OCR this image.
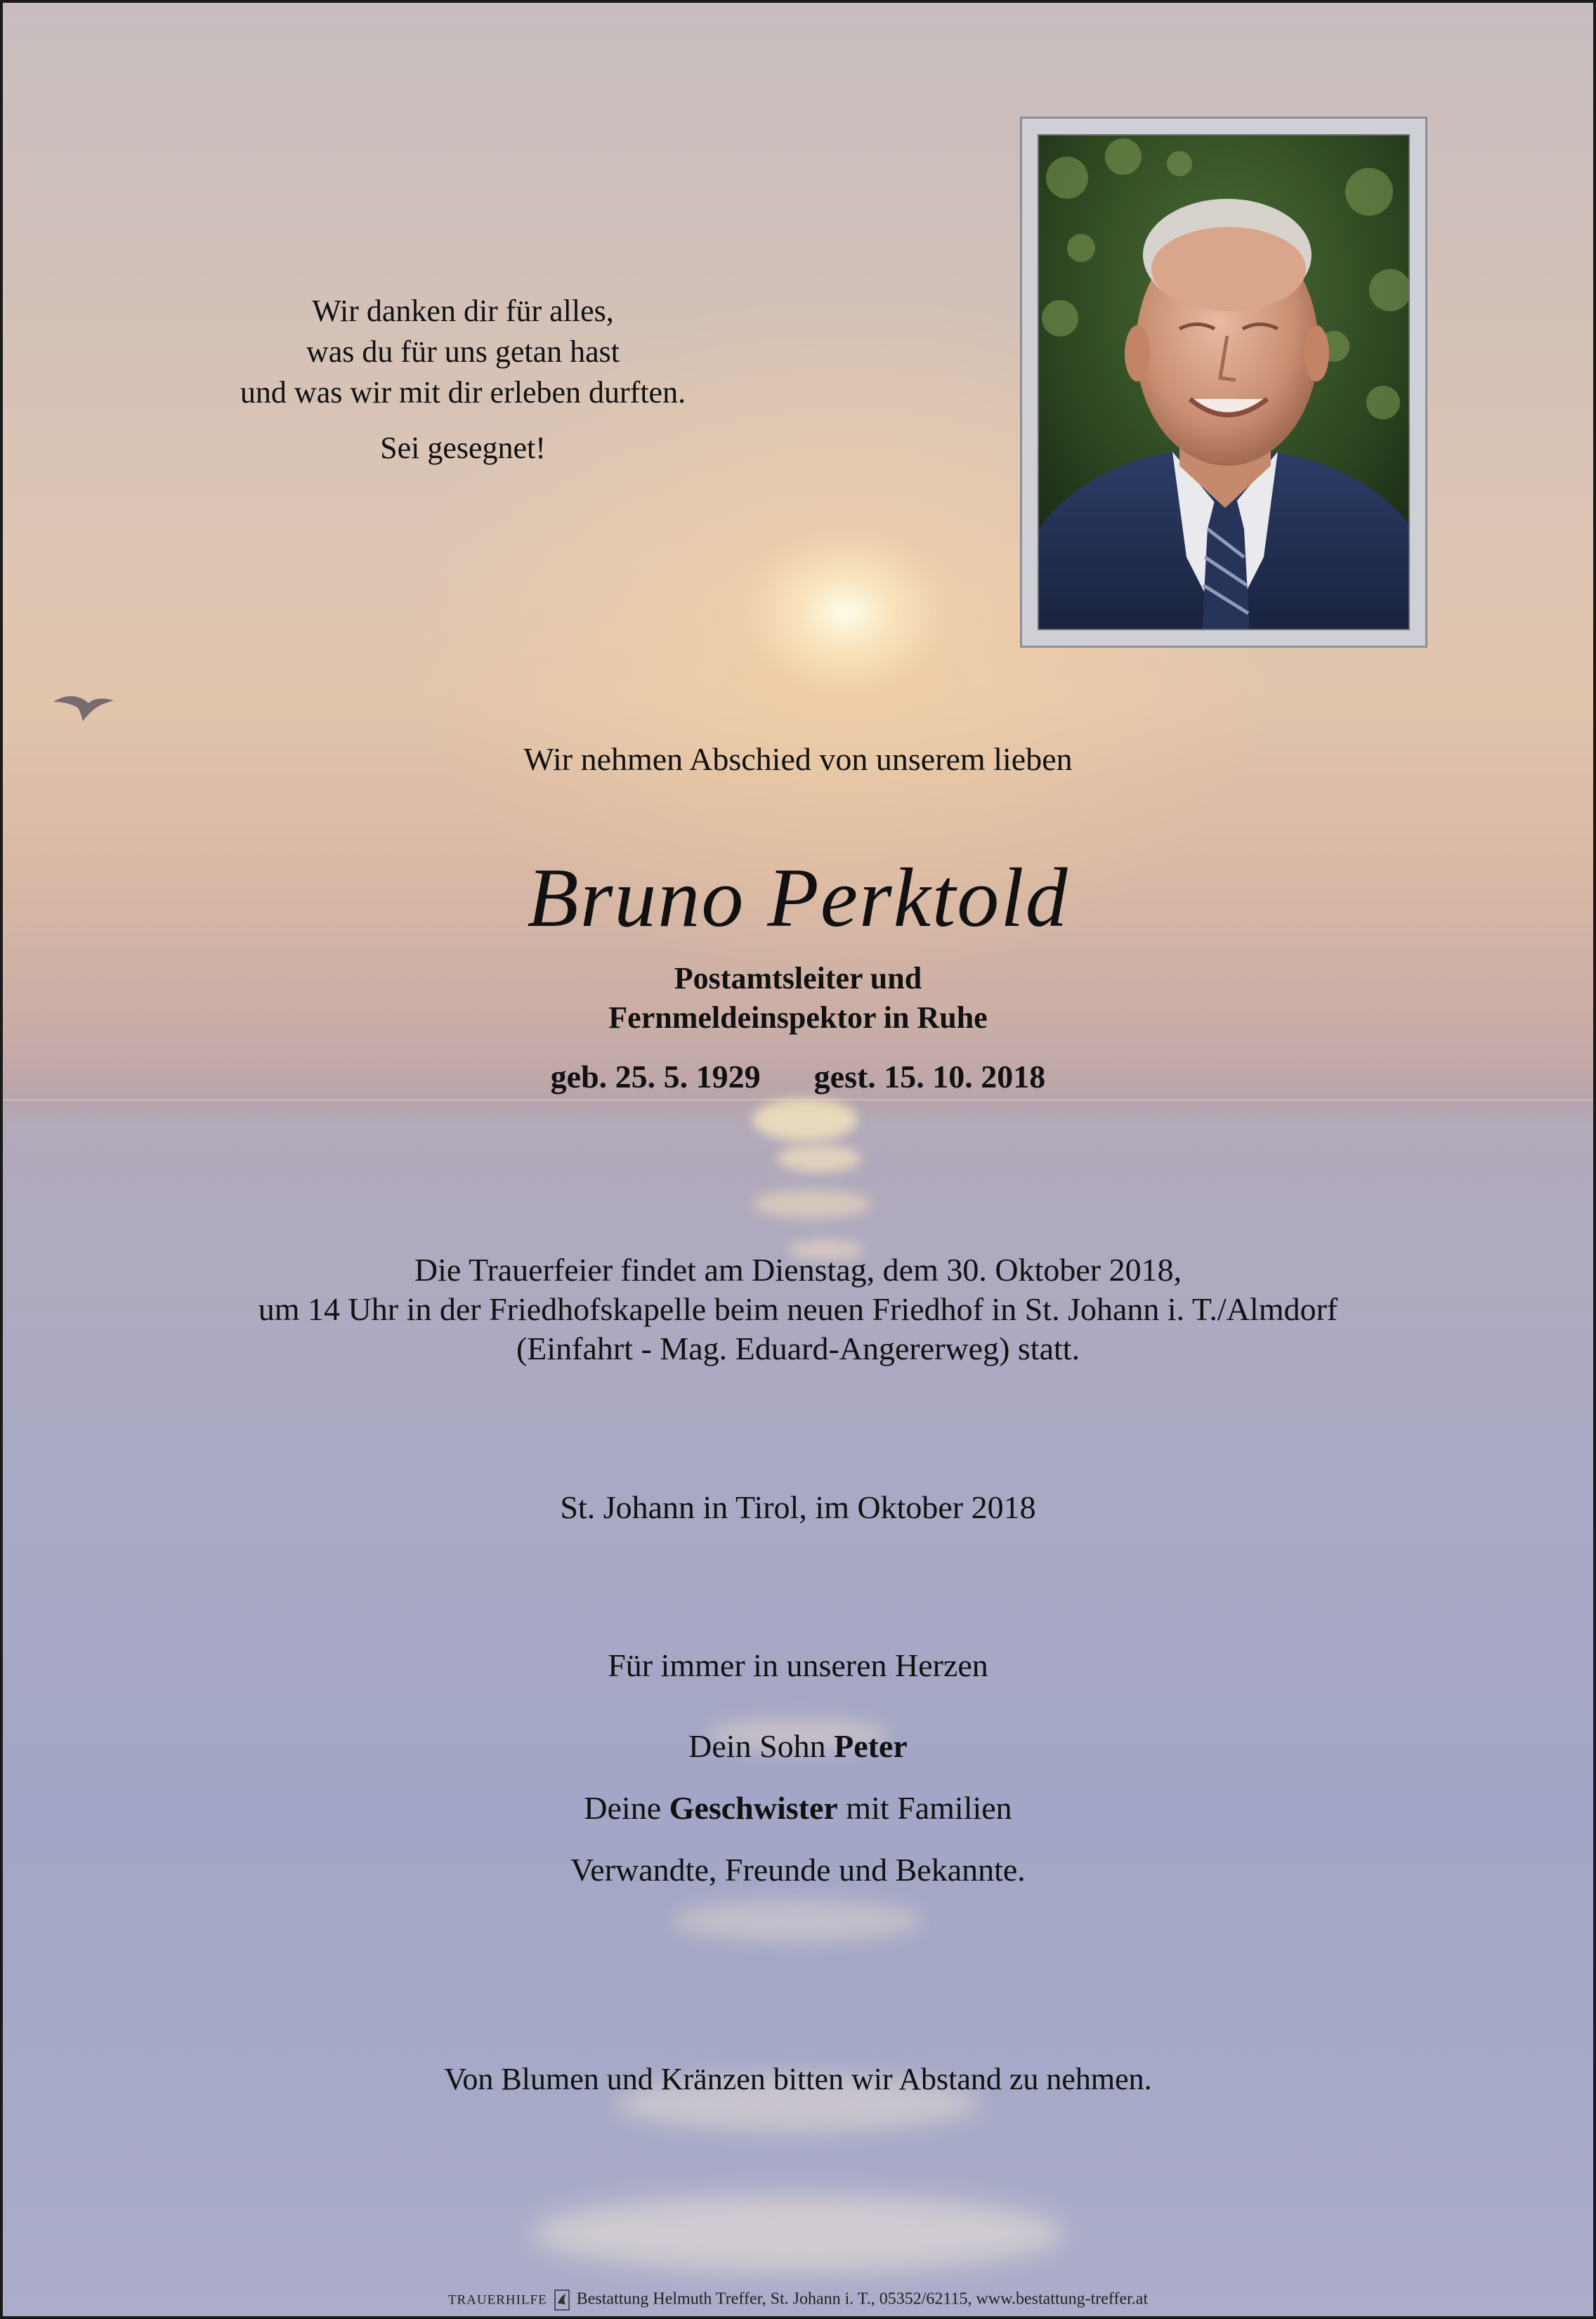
Wir danken dir für alles,

was du für uns getan hast

und was wir mit dir erleben durften.

Sei gesegnet!

Wir nehmen Abschied von unserem lieben

Bruno Perktold

Postamtsleiter und

Fernmeldeinspektor in Ruhe

geb. 25. 5. 1929 gest. 15. 10. 2018

Die Trauerfeier findet am Dienstag, dem 30. Oktober 2018,

um 14 Uhr in der Friedhofskapelle beim neuen Friedhof in St. Johann i. T./Almdorf

(Einfahrt - Mag. Eduard-Angererweg) statt.

St. Johann in Tirol, im Oktober 2018

Für immer in unseren Herzen

Dein Sohn Peter

Deine Geschwister mit Familien

Verwandte, Freunde und Bekannte.

Von Blumen und Kränzen bitten wir Abstand zu nehmen.

TRAUERHILFE Bestattung Helmuth Treffer, St. Johann i. T., 05352/62115, www.bestattung-treffer.at
